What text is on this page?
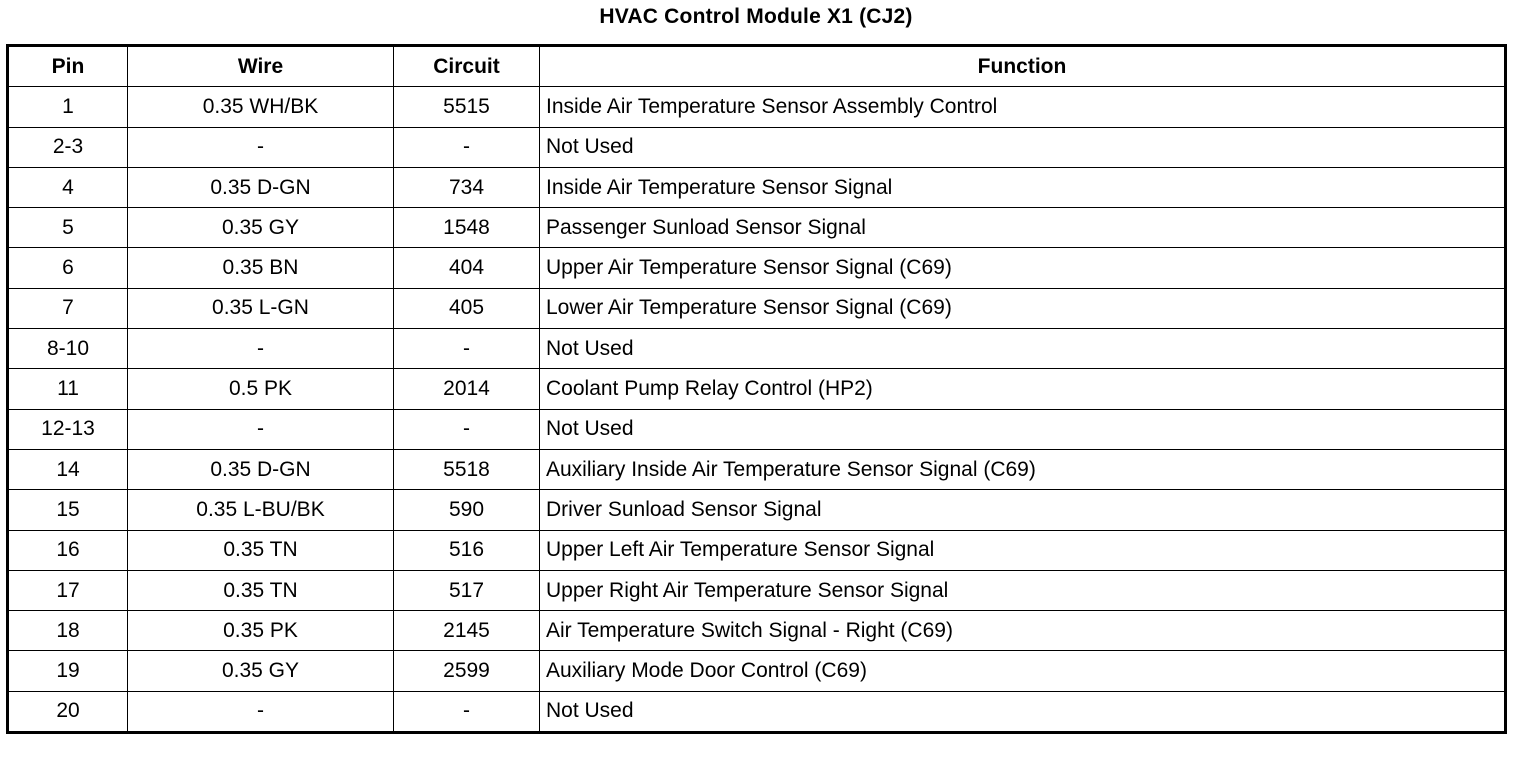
HVAC Control Module X1 (CJ2)
Pin	Wire	Circuit	Function
1	0.35 WH/BK	5515	Inside Air Temperature Sensor Assembly Control
2-3	-	-	Not Used
4	0.35 D-GN	734	Inside Air Temperature Sensor Signal
5	0.35 GY	1548	Passenger Sunload Sensor Signal
6	0.35 BN	404	Upper Air Temperature Sensor Signal (C69)
7	0.35 L-GN	405	Lower Air Temperature Sensor Signal (C69)
8-10	-	-	Not Used
11	0.5 PK	2014	Coolant Pump Relay Control (HP2)
12-13	-	-	Not Used
14	0.35 D-GN	5518	Auxiliary Inside Air Temperature Sensor Signal (C69)
15	0.35 L-BU/BK	590	Driver Sunload Sensor Signal
16	0.35 TN	516	Upper Left Air Temperature Sensor Signal
17	0.35 TN	517	Upper Right Air Temperature Sensor Signal
18	0.35 PK	2145	Air Temperature Switch Signal - Right (C69)
19	0.35 GY	2599	Auxiliary Mode Door Control (C69)
20	-	-	Not Used
